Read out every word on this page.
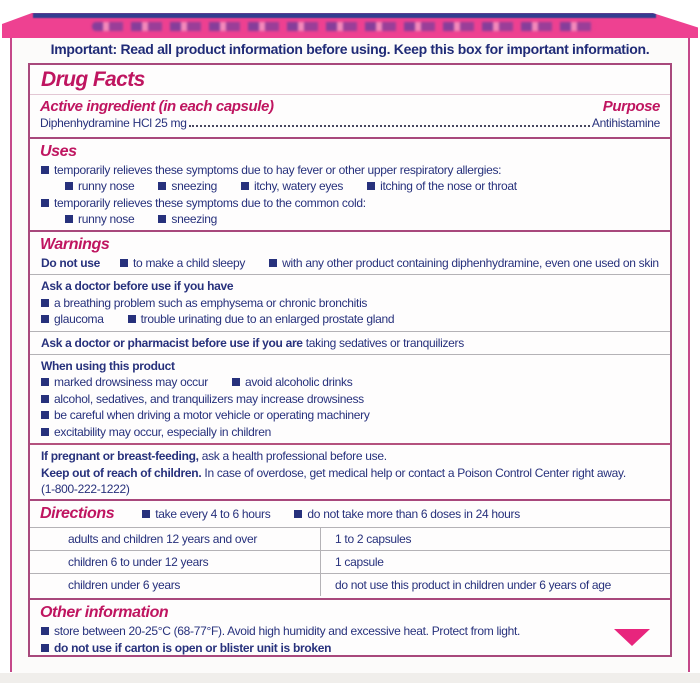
Important: Read all product information before using. Keep this box for important information.
Drug Facts
Active ingredient (in each capsule)	Purpose
Diphenhydramine HCl 25 mg	Antihistamine
Uses
temporarily relieves these symptoms due to hay fever or other upper respiratory allergies:
runny nose	sneezing	itchy, watery eyes	itching of the nose or throat
temporarily relieves these symptoms due to the common cold:
runny nose	sneezing
Warnings
Do not use	to make a child sleepy	with any other product containing diphenhydramine, even one used on skin
Ask a doctor before use if you have
a breathing problem such as emphysema or chronic bronchitis
glaucoma	trouble urinating due to an enlarged prostate gland
Ask a doctor or pharmacist before use if you are taking sedatives or tranquilizers
When using this product
marked drowsiness may occur	avoid alcoholic drinks
alcohol, sedatives, and tranquilizers may increase drowsiness
be careful when driving a motor vehicle or operating machinery
excitability may occur, especially in children
If pregnant or breast-feeding, ask a health professional before use.
Keep out of reach of children. In case of overdose, get medical help or contact a Poison Control Center right away.
(1-800-222-1222)
Directions	take every 4 to 6 hours	do not take more than 6 doses in 24 hours
adults and children 12 years and over	1 to 2 capsules
children 6 to under 12 years	1 capsule
children under 6 years	do not use this product in children under 6 years of age
Other information
store between 20-25°C (68-77°F). Avoid high humidity and excessive heat. Protect from light.
do not use if carton is open or blister unit is broken
